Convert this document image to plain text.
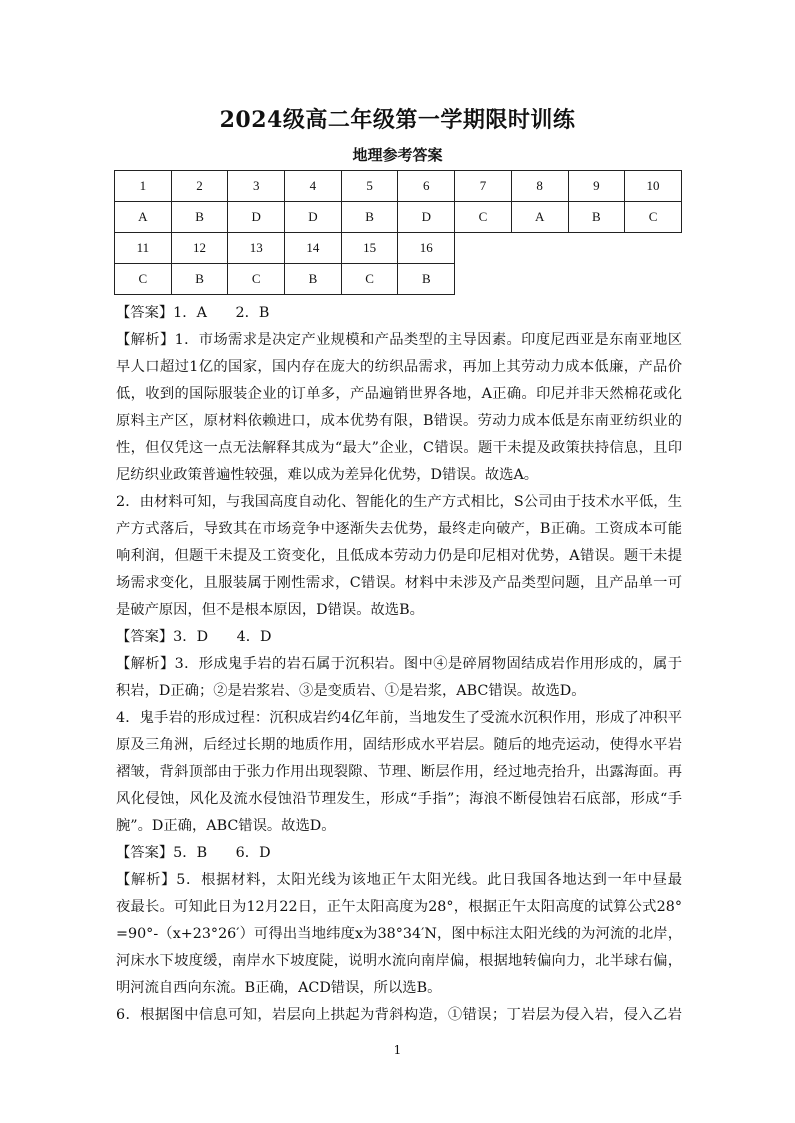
2024级高二年级第一学期限时训练
地理参考答案
1	2	3	4	5	6	7	8	9	10
A	B	D	D	B	D	C	A	B	C
11	12	13	14	15	16				
C	B	C	B	C	B				
【答案】1．A　　2．B
【解析】1．市场需求是决定产业规模和产品类型的主导因素。印度尼西亚是东南亚地区
早人口超过1亿的国家，国内存在庞大的纺织品需求，再加上其劳动力成本低廉，产品价
低，收到的国际服装企业的订单多，产品遍销世界各地，A正确。印尼并非天然棉花或化
原料主产区，原材料依赖进口，成本优势有限，B错误。劳动力成本低是东南亚纺织业的
性，但仅凭这一点无法解释其成为“最大”企业，C错误。题干未提及政策扶持信息，且印
尼纺织业政策普遍性较强，难以成为差异化优势，D错误。故选A。
2．由材料可知，与我国高度自动化、智能化的生产方式相比，S公司由于技术水平低，生
产方式落后，导致其在市场竞争中逐渐失去优势，最终走向破产，B正确。工资成本可能
响利润，但题干未提及工资变化，且低成本劳动力仍是印尼相对优势，A错误。题干未提
场需求变化，且服装属于刚性需求，C错误。材料中未涉及产品类型问题，且产品单一可
是破产原因，但不是根本原因，D错误。故选B。
【答案】3．D　　4．D
【解析】3．形成鬼手岩的岩石属于沉积岩。图中④是碎屑物固结成岩作用形成的，属于
积岩，D正确；②是岩浆岩、③是变质岩、①是岩浆，ABC错误。故选D。
4．鬼手岩的形成过程：沉积成岩约4亿年前，当地发生了受流水沉积作用，形成了冲积平
原及三角洲，后经过长期的地质作用，固结形成水平岩层。随后的地壳运动，使得水平岩
褶皱，背斜顶部由于张力作用出现裂隙、节理、断层作用，经过地壳抬升，出露海面。再
风化侵蚀，风化及流水侵蚀沿节理发生，形成“手指”；海浪不断侵蚀岩石底部，形成“手
腕”。D正确，ABC错误。故选D。
【答案】5．B　　6．D
【解析】5．根据材料，太阳光线为该地正午太阳光线。此日我国各地达到一年中昼最
夜最长。可知此日为12月22日，正午太阳高度为28°，根据正午太阳高度的试算公式28°
=90°-（x+23°26′）可得出当地纬度x为38°34′N，图中标注太阳光线的为河流的北岸，
河床水下坡度缓，南岸水下坡度陡，说明水流向南岸偏，根据地转偏向力，北半球右偏，
明河流自西向东流。B正确，ACD错误，所以选B。
6．根据图中信息可知，岩层向上拱起为背斜构造，①错误；丁岩层为侵入岩，侵入乙岩
1
